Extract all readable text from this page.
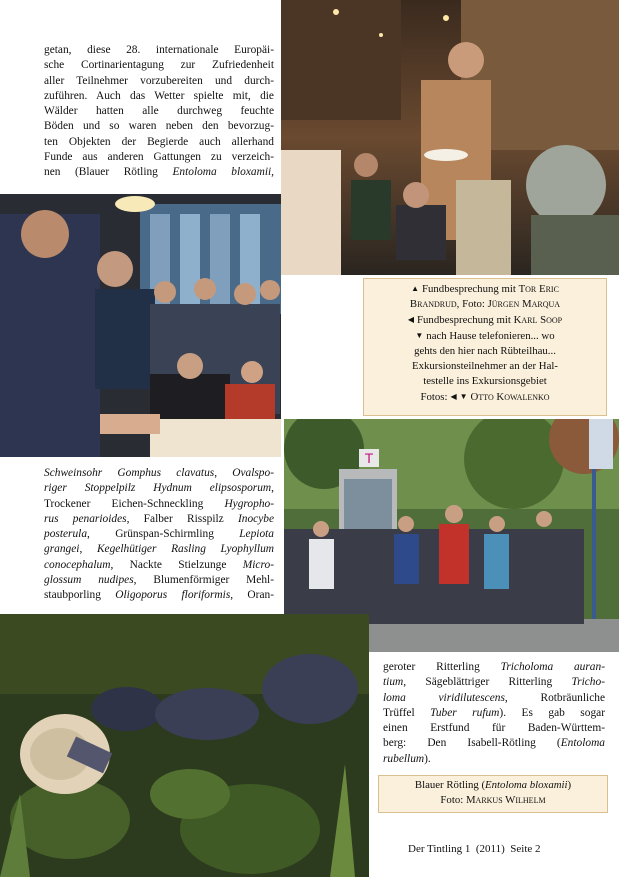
getan, diese 28. internationale Europäi-
sche Cortinarientagung zur Zufriedenheit
aller Teilnehmer vorzubereiten und durch-
zuführen. Auch das Wetter spielte mit, die
Wälder hatten alle durchweg feuchte
Böden und so waren neben den bevorzug-
ten Objekten der Begierde auch allerhand
Funde aus anderen Gattungen zu verzeich-
nen (Blauer Rötling Entoloma bloxamii,
▲ Fundbesprechung mit Tor Eric
Brandrud, Foto: Jürgen Marqua
◀ Fundbesprechung mit Karl Soop
▼ nach Hause telefonieren... wo
gehts den hier nach Rübteilhau...
Exkursionsteilnehmer an der Hal-
testelle ins Exkursionsgebiet
Fotos: ◀ ▼ Otto Kowalenko
Schweinsohr Gomphus clavatus, Ovalspo-
riger Stoppelpilz Hydnum elipsosporum,
Trockener Eichen-Schneckling Hygropho-
rus penarioides, Falber Risspilz Inocybe
posterula, Grünspan-Schirmling Lepiota
grangei, Kegelhütiger Rasling Lyophyllum
conocephalum, Nackte Stielzunge Micro-
glossum nudipes, Blumenförmiger Mehl-
staubporling Oligoporus floriformis, Oran-
T
geroter Ritterling Tricholoma auran-
tium, Sägeblättriger Ritterling Tricho-
loma viridilutescens, Rotbräunliche
Trüffel Tuber rufum). Es gab sogar
einen Erstfund für Baden-Württem-
berg: Den Isabell-Rötling (Entoloma
rubellum).
Blauer Rötling (Entoloma bloxamii)
Foto: Markus Wilhelm
Der Tintling 1  (2011)  Seite 2
